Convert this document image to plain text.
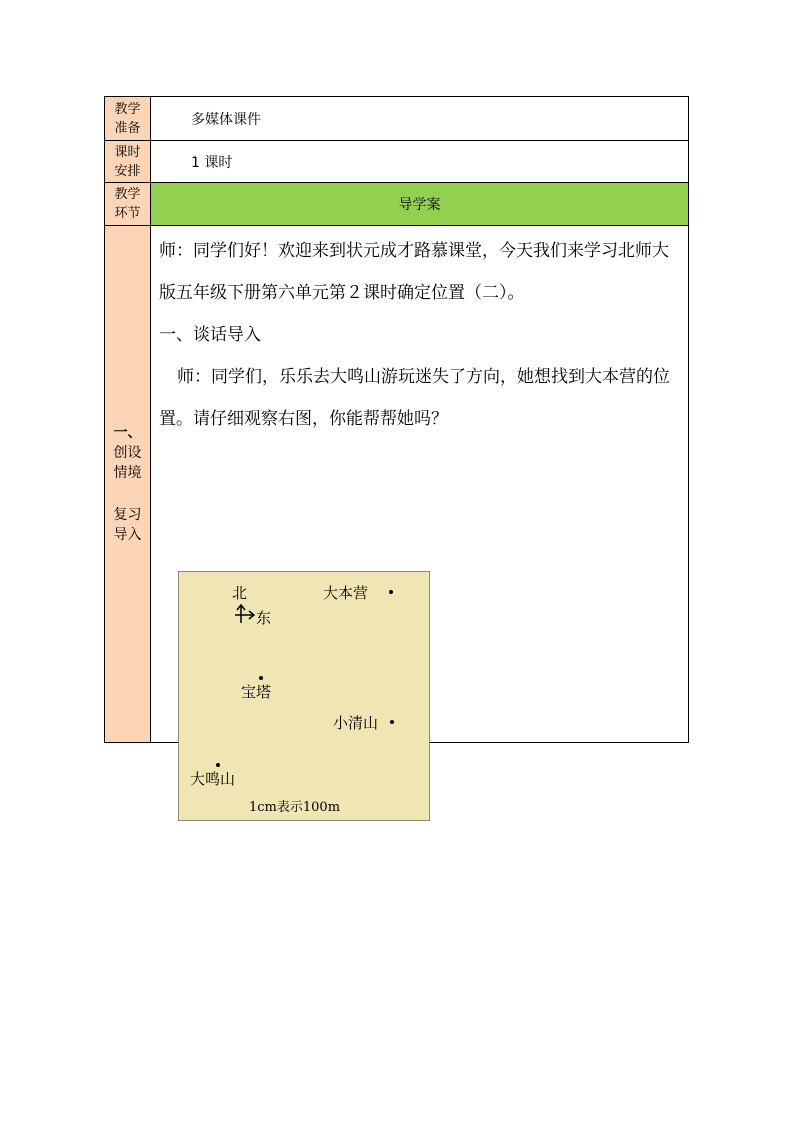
教学准备
多媒体课件
课时安排
1 课时
教学环节
导学案
一、
创设情境
复习导入

师：同学们好！欢迎来到状元成才路慕课堂，今天我们来学习北师大版五年级下册第六单元第２课时确定位置（二）。

一、谈话导入

师：同学们，乐乐去大鸣山游玩迷失了方向，她想找到大本营的位置。请仔细观察右图，你能帮帮她吗？

北
东
大本营
宝塔
小清山
大鸣山
1cm表示100m
